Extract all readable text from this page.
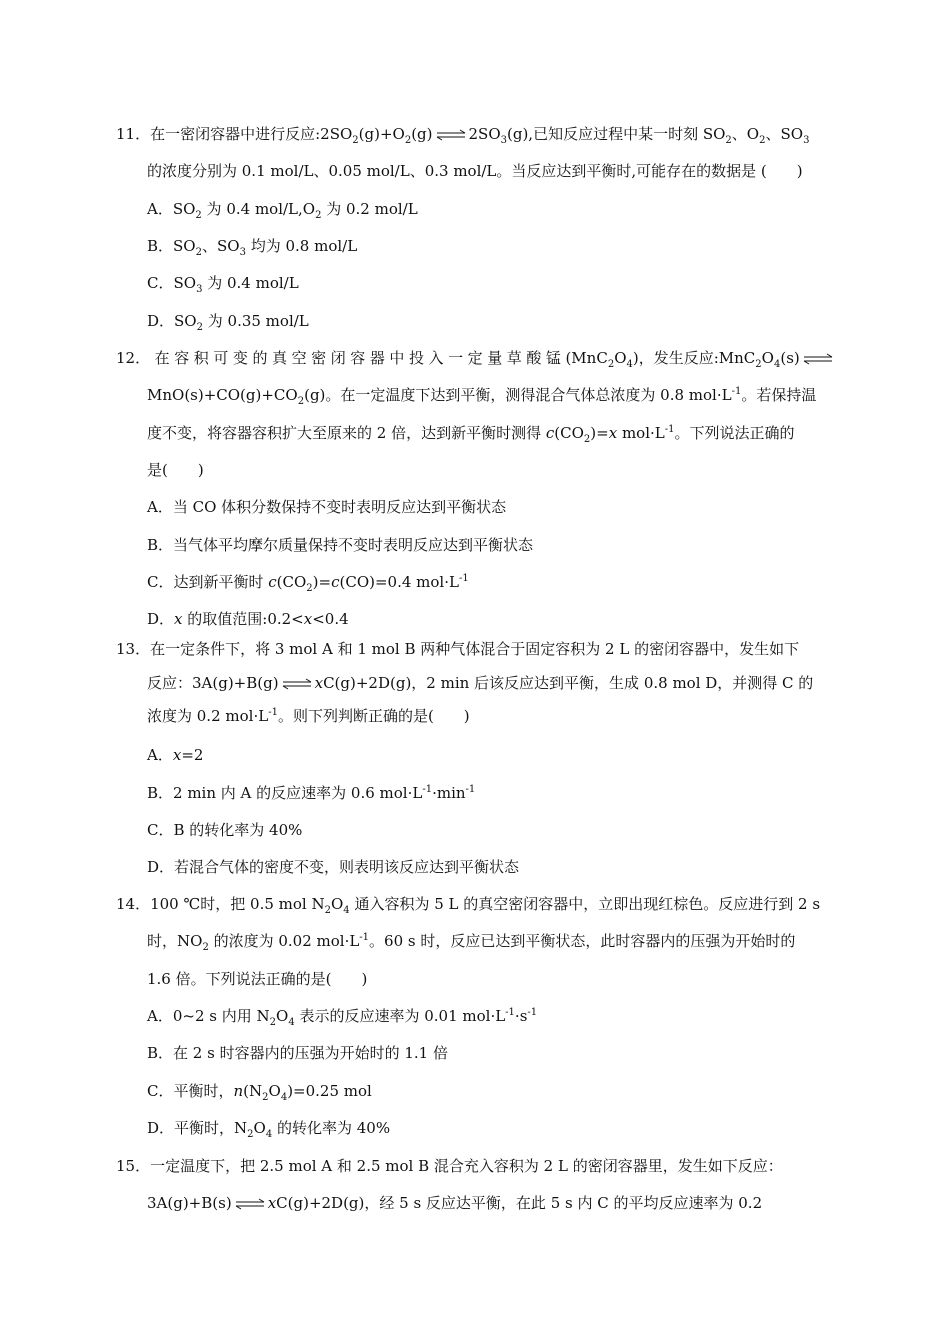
11．在一密闭容器中进行反应$:2SO_2(g)+O_2(g)$ ⇌ $2SO_3(g)$,已知反应过程中某一时刻 $SO_2$、$O_2$、$SO_3$
的浓度分别为 0.1 mol/L、0.05 mol/L、0.3 mol/L。当反应达到平衡时,可能存在的数据是 (　　)
A．$SO_2$ 为 0.4 mol/$L,O_2$ 为 0.2 mol/L
B．$SO_2$、$SO_3$ 均为 0.8 mol/L
C．$SO_3$ 为 0.4 mol/L
D．$SO_2$ 为 0.35 mol/L
12． 在 容 积 可 变 的 真 空 密 闭 容 器 中 投 入 一 定 量 草 酸 锰 $(MnC_2O_4)$，发生反应$:MnC_2O_4(s)$ ⇌
$MnO(s)+CO(g)+CO_2(g)$。在一定温度下达到平衡，测得混合气体总浓度为 0.8 $mol\cdot L^{-1}$。若保持温
度不变，将容器容积扩大至原来的 2 倍，达到新平衡时测得 $c(CO_2)=x$ $mol\cdot L^{-1}$。下列说法正确的
是(　　)
A．当 CO 体积分数保持不变时表明反应达到平衡状态
B．当气体平均摩尔质量保持不变时表明反应达到平衡状态
C．达到新平衡时 $c(CO_2)=c(CO)=0.4$ $mol\cdot L^{-1}$
D．x 的取值范围:0.2<x<0.4
13．在一定条件下，将 3 mol A 和 1 mol B 两种气体混合于固定容积为 2 L 的密闭容器中，发生如下
反应：3A(g)+B(g) ⇌ xC(g)+2D(g)，2 min 后该反应达到平衡，生成 0.8 mol D，并测得 C 的
浓度为 0.2 $mol\cdot L^{-1}$。则下列判断正确的是(　　)
A．x=2
B．2 min 内 A 的反应速率为 0.6 $mol\cdot L^{-1}\cdot\min^{-1}$
C．B 的转化率为 40%
D．若混合气体的密度不变，则表明该反应达到平衡状态
14．100 ℃时，把 0.5 mol $N_2O_4$ 通入容积为 5 L 的真空密闭容器中，立即出现红棕色。反应进行到 2 s
时，$NO_2$ 的浓度为 0.02 $mol\cdot L^{-1}$。60 s 时，反应已达到平衡状态，此时容器内的压强为开始时的
1.6 倍。下列说法正确的是(　　)
A．0~2 s 内用 $N_2O_4$ 表示的反应速率为 0.01 $mol\cdot L^{-1}\cdot s^{-1}$
B．在 2 s 时容器内的压强为开始时的 1.1 倍
C．平衡时，$n(N_2O_4)=0.25$ mol
D．平衡时，$N_2O_4$ 的转化率为 40%
15．一定温度下，把 2.5 mol A 和 2.5 mol B 混合充入容积为 2 L 的密闭容器里，发生如下反应：
3A(g)+B(s) ⇌ xC(g)+2D(g)，经 5 s 反应达平衡，在此 5 s 内 C 的平均反应速率为 0.2
